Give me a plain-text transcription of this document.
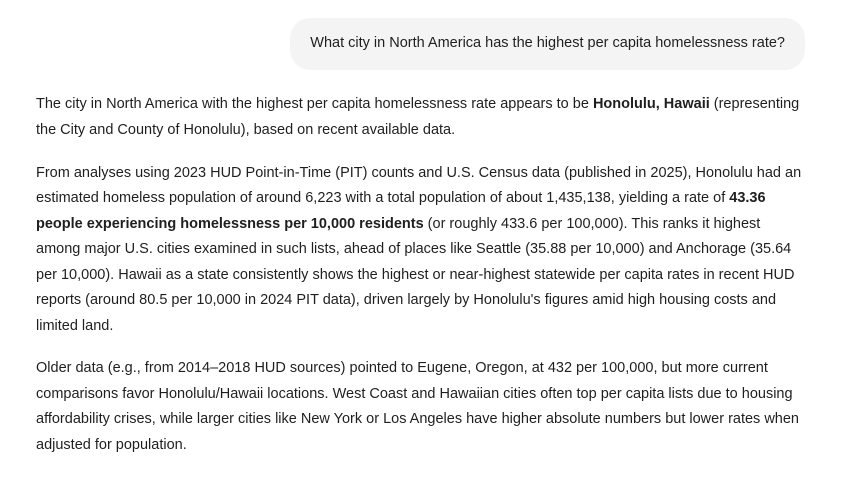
What city in North America has the highest per capita homelessness rate?

The city in North America with the highest per capita homelessness rate appears to be Honolulu, Hawaii (representing the City and County of Honolulu), based on recent available data.

From analyses using 2023 HUD Point-in-Time (PIT) counts and U.S. Census data (published in 2025), Honolulu had an estimated homeless population of around 6,223 with a total population of about 1,435,138, yielding a rate of 43.36 people experiencing homelessness per 10,000 residents (or roughly 433.6 per 100,000). This ranks it highest among major U.S. cities examined in such lists, ahead of places like Seattle (35.88 per 10,000) and Anchorage (35.64 per 10,000). Hawaii as a state consistently shows the highest or near-highest statewide per capita rates in recent HUD reports (around 80.5 per 10,000 in 2024 PIT data), driven largely by Honolulu's figures amid high housing costs and limited land.

Older data (e.g., from 2014–2018 HUD sources) pointed to Eugene, Oregon, at 432 per 100,000, but more current comparisons favor Honolulu/Hawaii locations. West Coast and Hawaiian cities often top per capita lists due to housing affordability crises, while larger cities like New York or Los Angeles have higher absolute numbers but lower rates when adjusted for population.
